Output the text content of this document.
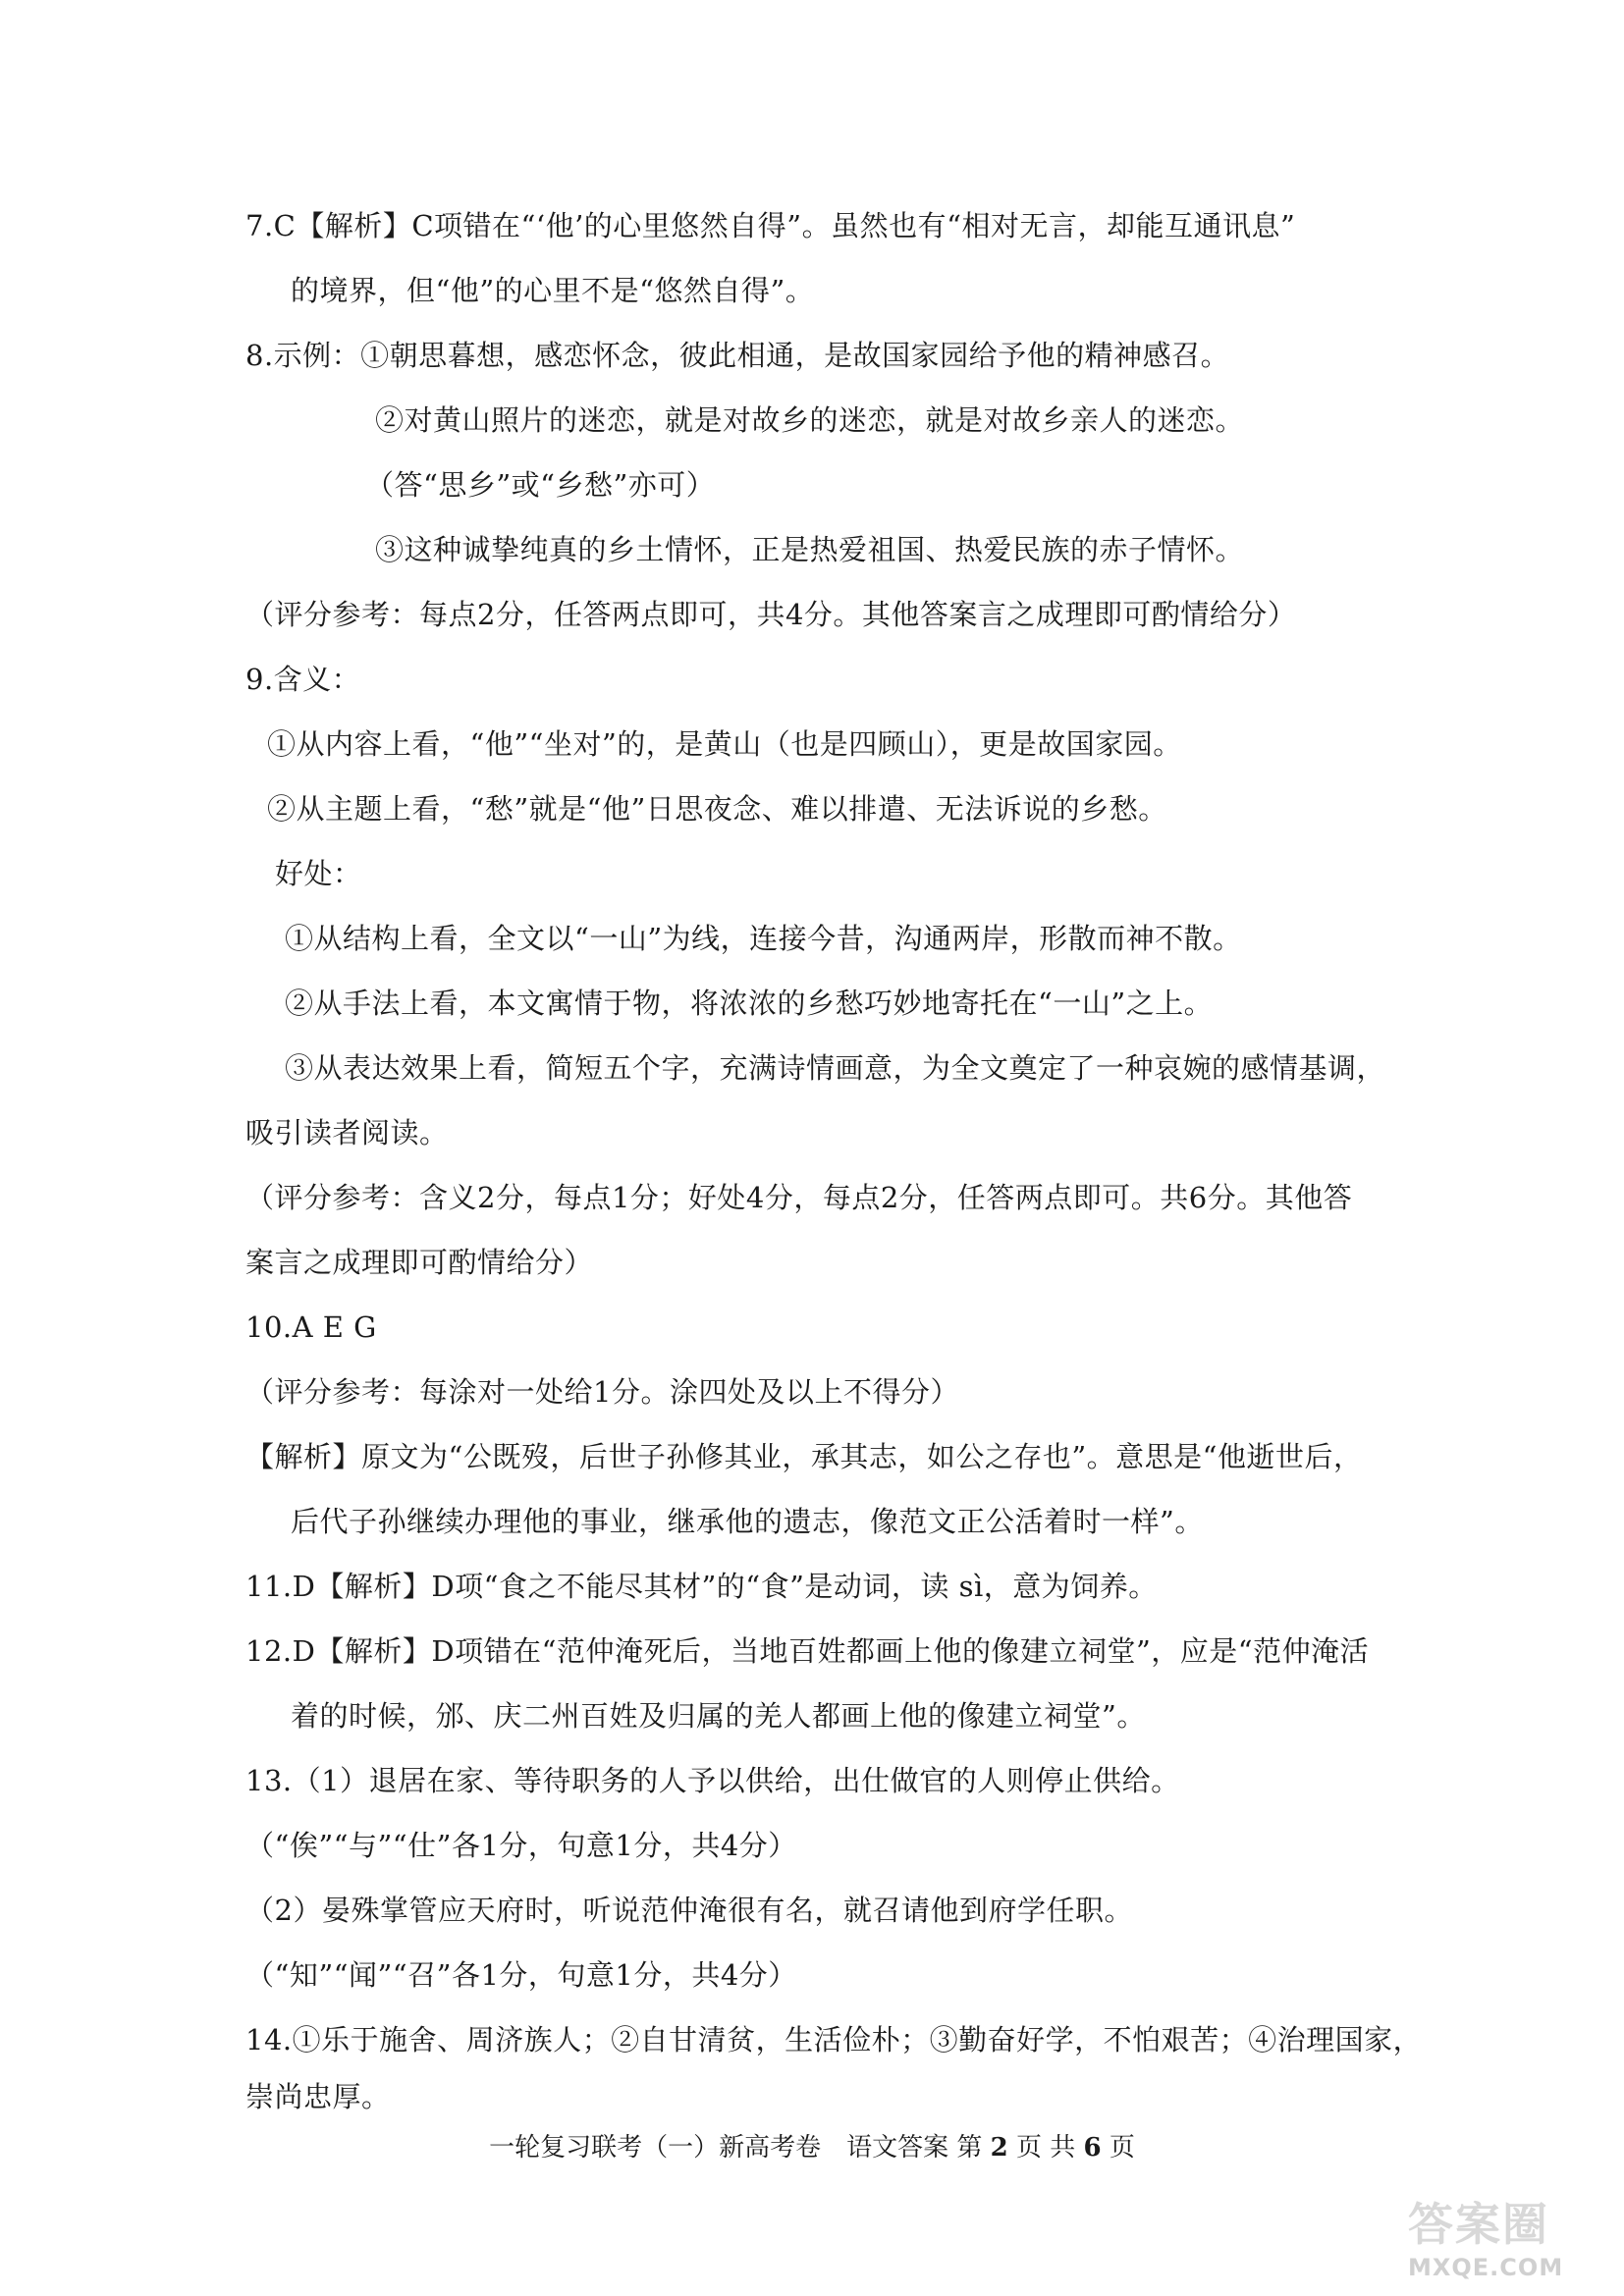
7.C【解析】C项错在“‘他’的心里悠然自得”。虽然也有“相对无言，却能互通讯息”
的境界，但“他”的心里不是“悠然自得”。
8.示例：①朝思暮想，感恋怀念，彼此相通，是故国家园给予他的精神感召。
②对黄山照片的迷恋，就是对故乡的迷恋，就是对故乡亲人的迷恋。
（答“思乡”或“乡愁”亦可）
③这种诚挚纯真的乡土情怀，正是热爱祖国、热爱民族的赤子情怀。
（评分参考：每点2分，任答两点即可，共4分。其他答案言之成理即可酌情给分）
9.含义：
①从内容上看，“他”“坐对”的，是黄山（也是四顾山），更是故国家园。
②从主题上看，“愁”就是“他”日思夜念、难以排遣、无法诉说的乡愁。
好处：
①从结构上看，全文以“一山”为线，连接今昔，沟通两岸，形散而神不散。
②从手法上看，本文寓情于物，将浓浓的乡愁巧妙地寄托在“一山”之上。
③从表达效果上看，简短五个字，充满诗情画意，为全文奠定了一种哀婉的感情基调，
吸引读者阅读。
（评分参考：含义2分，每点1分；好处4分，每点2分，任答两点即可。共6分。其他答
案言之成理即可酌情给分）
10.A E G
（评分参考：每涂对一处给1分。涂四处及以上不得分）
【解析】原文为“公既歿，后世子孙修其业，承其志，如公之存也”。意思是“他逝世后，
后代子孙继续办理他的事业，继承他的遗志，像范文正公活着时一样”。
11.D【解析】D项“食之不能尽其材”的“食”是动词，读 sì，意为饲养。
12.D【解析】D项错在“范仲淹死后，当地百姓都画上他的像建立祠堂”，应是“范仲淹活
着的时候，邠、庆二州百姓及归属的羌人都画上他的像建立祠堂”。
13.（1）退居在家、等待职务的人予以供给，出仕做官的人则停止供给。
（“俟”“与”“仕”各1分，句意1分，共4分）
（2）晏殊掌管应天府时，听说范仲淹很有名，就召请他到府学任职。
（“知”“闻”“召”各1分，句意1分，共4分）
14.①乐于施舍、周济族人；②自甘清贫，生活俭朴；③勤奋好学，不怕艰苦；④治理国家，
崇尚忠厚。
一轮复习联考（一）新高考卷　语文答案 第 2 页 共 6 页
答案圈
MXQE.COM
